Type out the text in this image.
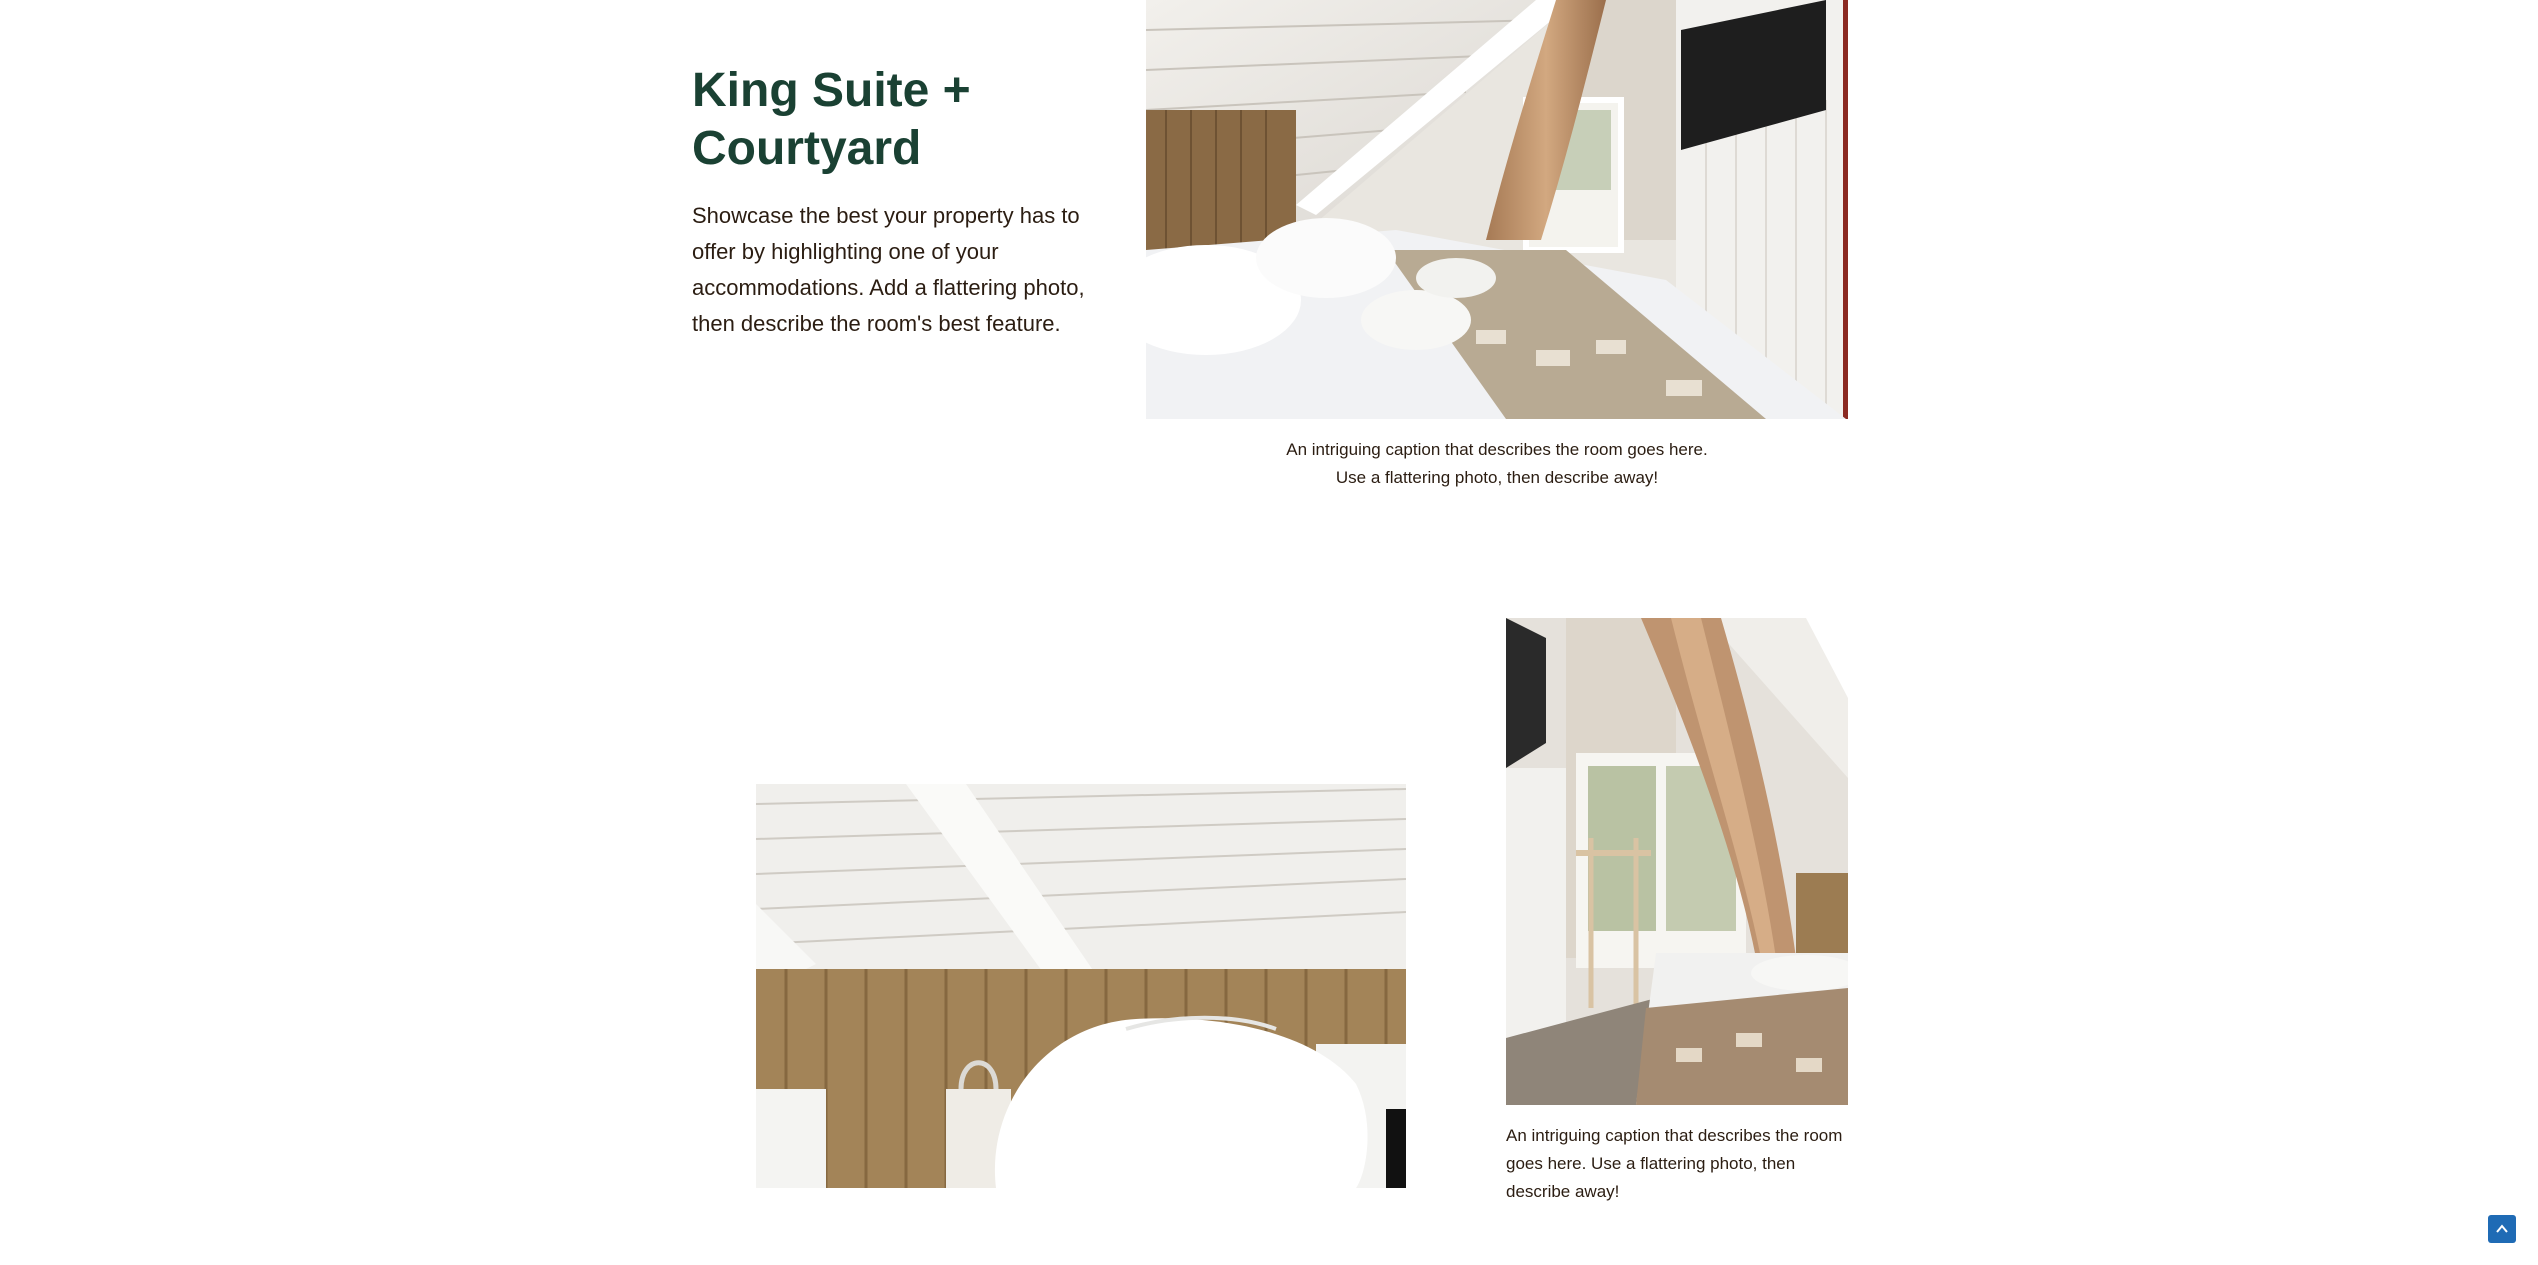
King Suite + Courtyard

Showcase the best your property has to offer by highlighting one of your accommodations. Add a flattering photo, then describe the room's best feature.

An intriguing caption that describes the room goes here.
Use a flattering photo, then describe away!
An intriguing caption that describes the room goes here. Use a flattering photo, then describe away!
